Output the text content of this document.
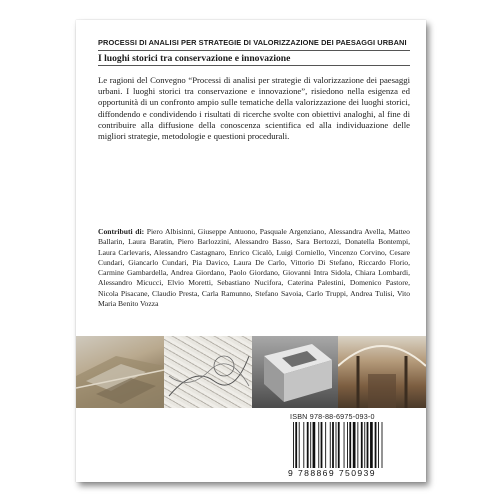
PROCESSI DI ANALISI PER STRATEGIE DI VALORIZZAZIONE DEI PAESAGGI URBANI
I luoghi storici tra conservazione e innovazione
Le ragioni del Convegno “Processi di analisi per strategie di valorizzazione dei paesaggi urbani. I luoghi storici tra conservazione e innovazione”, risiedono nella esigenza ed opportunità di un confronto ampio sulle tematiche della valorizzazione dei luoghi storici, diffondendo e condividendo i risultati di ricerche svolte con obiettivi analoghi, al fine di contribuire alla diffusione della conoscenza scientifica ed alla individuazione delle migliori strategie, metodologie e questioni procedurali.
Contributi di: Piero Albisinni, Giuseppe Antuono, Pasquale Argenziano, Alessandra Avella, Matteo Ballarin, Laura Baratin, Piero Barlozzini, Alessandro Basso, Sara Bertozzi, Donatella Bontempi, Laura Carlevaris, Alessandro Castagnaro, Enrico Cicalò, Luigi Corniello, Vincenzo Corvino, Cesare Cundari, Giancarlo Cundari, Pia Davico, Laura De Carlo, Vittorio Di Stefano, Riccardo Florio, Carmine Gambardella, Andrea Giordano, Paolo Giordano, Giovanni Intra Sidola, Chiara Lombardi, Alessandro Micucci, Elvio Moretti, Sebastiano Nucifora, Caterina Palestini, Domenico Pastore, Nicola Pisacane, Claudio Presta, Carla Ramunno, Stefano Savoia, Carlo Truppi, Andrea Tulisi, Vito Maria Benito Vozza
ISBN 978-88-6975-093-0
9 788869 750939
